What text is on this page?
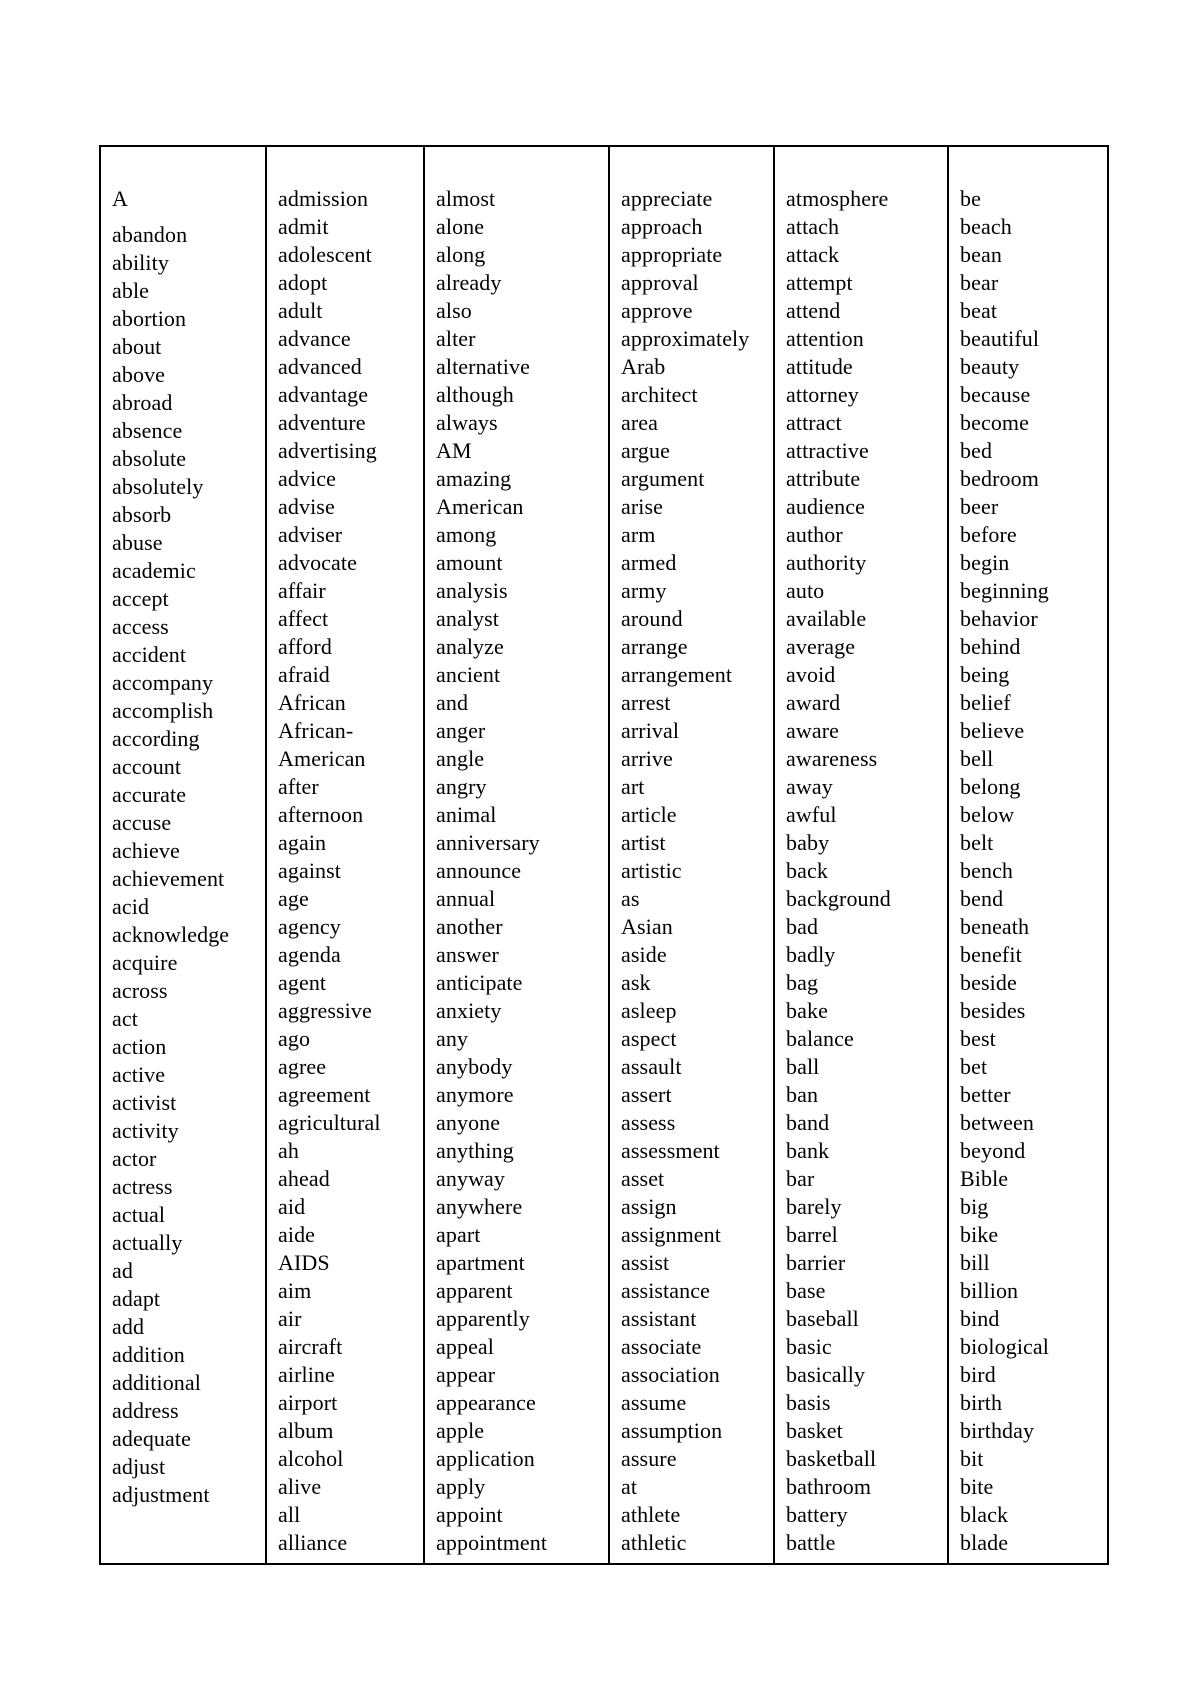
A
abandon
ability
able
abortion
about
above
abroad
absence
absolute
absolutely
absorb
abuse
academic
accept
access
accident
accompany
accomplish
according
account
accurate
accuse
achieve
achievement
acid
acknowledge
acquire
across
act
action
active
activist
activity
actor
actress
actual
actually
ad
adapt
add
addition
additional
address
adequate
adjust
adjustment
admission
admit
adolescent
adopt
adult
advance
advanced
advantage
adventure
advertising
advice
advise
adviser
advocate
affair
affect
afford
afraid
African
African-
American
after
afternoon
again
against
age
agency
agenda
agent
aggressive
ago
agree
agreement
agricultural
ah
ahead
aid
aide
AIDS
aim
air
aircraft
airline
airport
album
alcohol
alive
all
alliance
almost
alone
along
already
also
alter
alternative
although
always
AM
amazing
American
among
amount
analysis
analyst
analyze
ancient
and
anger
angle
angry
animal
anniversary
announce
annual
another
answer
anticipate
anxiety
any
anybody
anymore
anyone
anything
anyway
anywhere
apart
apartment
apparent
apparently
appeal
appear
appearance
apple
application
apply
appoint
appointment
appreciate
approach
appropriate
approval
approve
approximately
Arab
architect
area
argue
argument
arise
arm
armed
army
around
arrange
arrangement
arrest
arrival
arrive
art
article
artist
artistic
as
Asian
aside
ask
asleep
aspect
assault
assert
assess
assessment
asset
assign
assignment
assist
assistance
assistant
associate
association
assume
assumption
assure
at
athlete
athletic
atmosphere
attach
attack
attempt
attend
attention
attitude
attorney
attract
attractive
attribute
audience
author
authority
auto
available
average
avoid
award
aware
awareness
away
awful
baby
back
background
bad
badly
bag
bake
balance
ball
ban
band
bank
bar
barely
barrel
barrier
base
baseball
basic
basically
basis
basket
basketball
bathroom
battery
battle
be
beach
bean
bear
beat
beautiful
beauty
because
become
bed
bedroom
beer
before
begin
beginning
behavior
behind
being
belief
believe
bell
belong
below
belt
bench
bend
beneath
benefit
beside
besides
best
bet
better
between
beyond
Bible
big
bike
bill
billion
bind
biological
bird
birth
birthday
bit
bite
black
blade
